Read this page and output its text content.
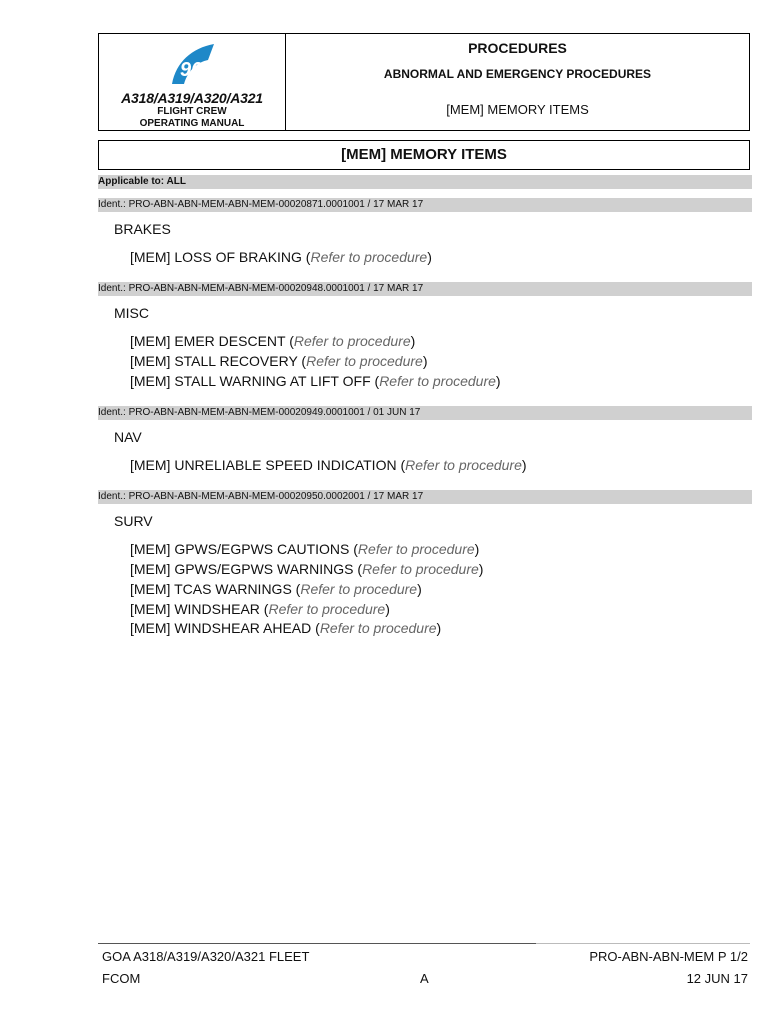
90
A318/A319/A320/A321
FLIGHT CREW
OPERATING MANUAL
PROCEDURES
ABNORMAL AND EMERGENCY PROCEDURES
[MEM] MEMORY ITEMS
[MEM] MEMORY ITEMS
Applicable to: ALL
Ident.: PRO-ABN-ABN-MEM-ABN-MEM-00020871.0001001 / 17 MAR 17
BRAKES
[MEM] LOSS OF BRAKING (Refer to procedure)
Ident.: PRO-ABN-ABN-MEM-ABN-MEM-00020948.0001001 / 17 MAR 17
MISC
[MEM] EMER DESCENT (Refer to procedure)
[MEM] STALL RECOVERY (Refer to procedure)
[MEM] STALL WARNING AT LIFT OFF (Refer to procedure)
Ident.: PRO-ABN-ABN-MEM-ABN-MEM-00020949.0001001 / 01 JUN 17
NAV
[MEM] UNRELIABLE SPEED INDICATION (Refer to procedure)
Ident.: PRO-ABN-ABN-MEM-ABN-MEM-00020950.0002001 / 17 MAR 17
SURV
[MEM] GPWS/EGPWS CAUTIONS (Refer to procedure)
[MEM] GPWS/EGPWS WARNINGS (Refer to procedure)
[MEM] TCAS WARNINGS (Refer to procedure)
[MEM] WINDSHEAR (Refer to procedure)
[MEM] WINDSHEAR AHEAD (Refer to procedure)
GOA A318/A319/A320/A321 FLEET
FCOM	A
PRO-ABN-ABN-MEM P 1/2
12 JUN 17
